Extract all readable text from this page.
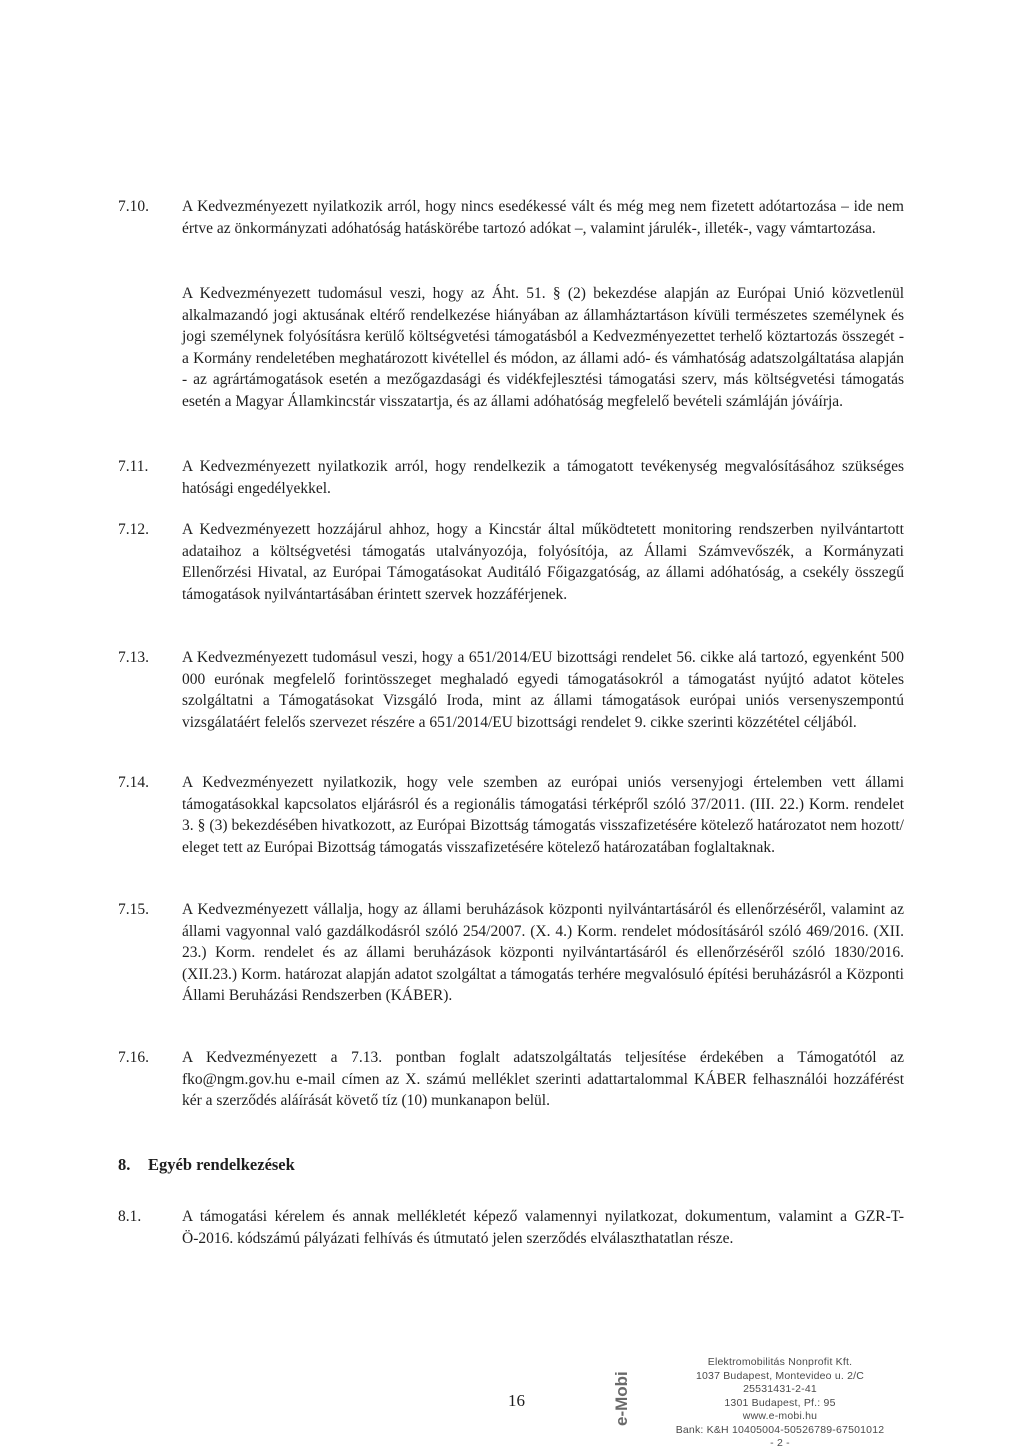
7.10. A Kedvezményezett nyilatkozik arról, hogy nincs esedékessé vált és még meg nem fizetett adótartozása – ide nem értve az önkormányzati adóhatóság hatáskörébe tartozó adókat –, valamint járulék-, illeték-, vagy vámtartozása.
A Kedvezményezett tudomásul veszi, hogy az Áht. 51. § (2) bekezdése alapján az Európai Unió közvetlenül alkalmazandó jogi aktusának eltérő rendelkezése hiányában az államháztartáson kívüli természetes személynek és jogi személynek folyósításra kerülő költségvetési támogatásból a Kedvezményezettet terhelő köztartozás összegét - a Kormány rendeletében meghatározott kivétellel és módon, az állami adó- és vámhatóság adatszolgáltatása alapján - az agrártámogatások esetén a mezőgazdasági és vidékfejlesztési támogatási szerv, más költségvetési támogatás esetén a Magyar Államkincstár visszatartja, és az állami adóhatóság megfelelő bevételi számláján jóváírja.
7.11. A Kedvezményezett nyilatkozik arról, hogy rendelkezik a támogatott tevékenység megvalósításához szükséges hatósági engedélyekkel.
7.12. A Kedvezményezett hozzájárul ahhoz, hogy a Kincstár által működtetett monitoring rendszerben nyilvántartott adataihoz a költségvetési támogatás utalványozója, folyósítója, az Állami Számvevőszék, a Kormányzati Ellenőrzési Hivatal, az Európai Támogatásokat Auditáló Főigazgatóság, az állami adóhatóság, a csekély összegű támogatások nyilvántartásában érintett szervek hozzáférjenek.
7.13. A Kedvezményezett tudomásul veszi, hogy a 651/2014/EU bizottsági rendelet 56. cikke alá tartozó, egyenként 500 000 eurónak megfelelő forintösszeget meghaladó egyedi támogatásokról a támogatást nyújtó adatot köteles szolgáltatni a Támogatásokat Vizsgáló Iroda, mint az állami támogatások európai uniós versenyszempontú vizsgálatáért felelős szervezet részére a 651/2014/EU bizottsági rendelet 9. cikke szerinti közzététel céljából.
7.14. A Kedvezményezett nyilatkozik, hogy vele szemben az európai uniós versenyjogi értelemben vett állami támogatásokkal kapcsolatos eljárásról és a regionális támogatási térképről szóló 37/2011. (III. 22.) Korm. rendelet 3. § (3) bekezdésében hivatkozott, az Európai Bizottság támogatás visszafizetésére kötelező határozatot nem hozott/ eleget tett az Európai Bizottság támogatás visszafizetésére kötelező határozatában foglaltaknak.
7.15. A Kedvezményezett vállalja, hogy az állami beruházások központi nyilvántartásáról és ellenőrzéséről, valamint az állami vagyonnal való gazdálkodásról szóló 254/2007. (X. 4.) Korm. rendelet módosításáról szóló 469/2016. (XII. 23.) Korm. rendelet és az állami beruházások központi nyilvántartásáról és ellenőrzéséről szóló 1830/2016. (XII.23.) Korm. határozat alapján adatot szolgáltat a támogatás terhére megvalósuló építési beruházásról a Központi Állami Beruházási Rendszerben (KÁBER).
7.16. A Kedvezményezett a 7.13. pontban foglalt adatszolgáltatás teljesítése érdekében a Támogatótól az fko@ngm.gov.hu e-mail címen az X. számú melléklet szerinti adattartalommal KÁBER felhasználói hozzáférést kér a szerződés aláírását követő tíz (10) munkanapon belül.
8. Egyéb rendelkezések
8.1.	A támogatási kérelem és annak mellékletét képező valamennyi nyilatkozat, dokumentum, valamint a GZR-T-Ö-2016. kódszámú pályázati felhívás és útmutató jelen szerződés elválaszthatatlan része.
16	e-Mobi
Elektromobilitás Nonprofit Kft.
1037 Budapest, Montevideo u. 2/C
25531431-2-41
1301 Budapest, Pf.: 95
www.e-mobi.hu
Bank: K&H 10405004-50526789-67501012
- 2 -
